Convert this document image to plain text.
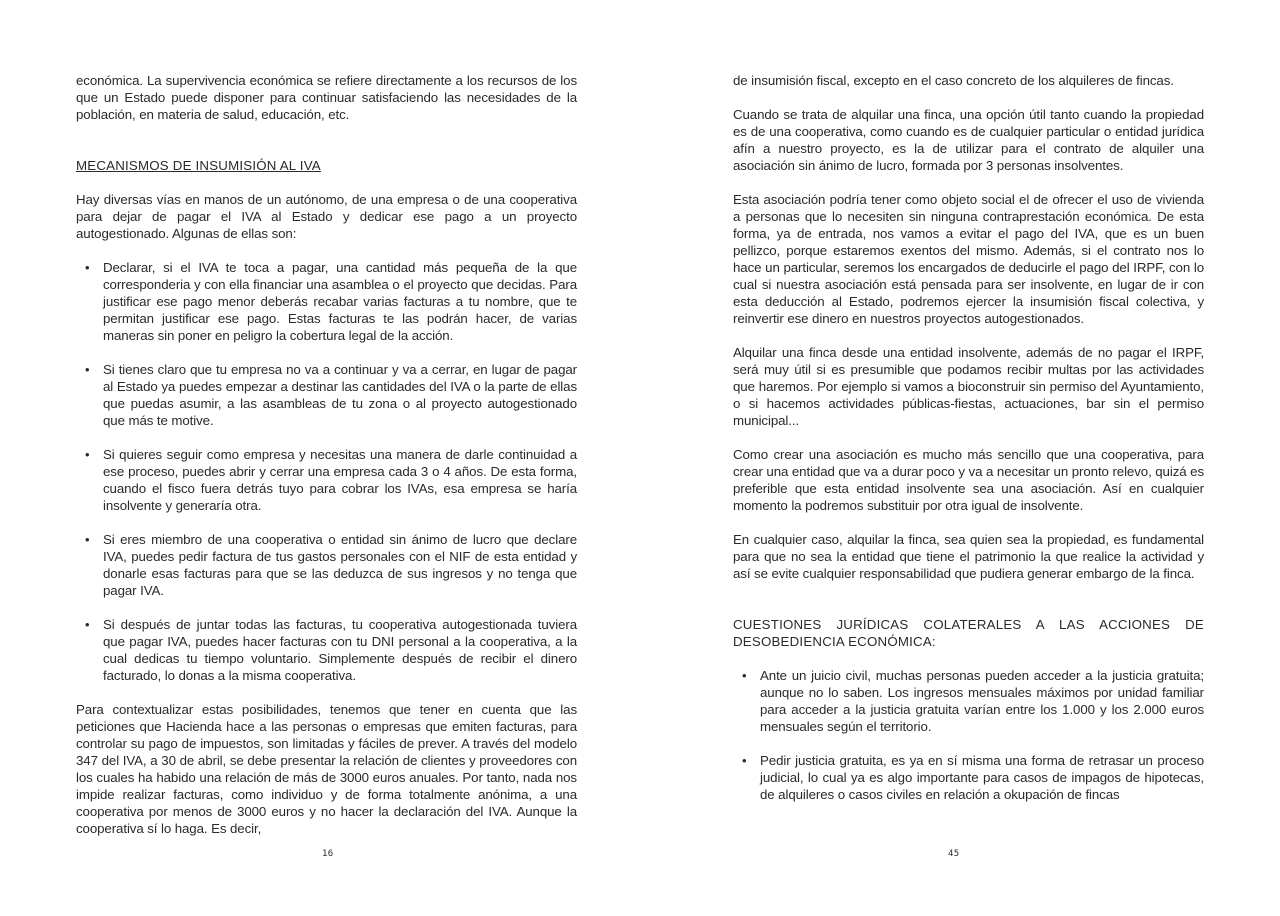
económica. La supervivencia económica se refiere directamente a los recursos de los que un Estado puede disponer para continuar satisfaciendo las necesidades de la población, en materia de salud, educación, etc.

MECANISMOS DE INSUMISIÓN AL IVA

Hay diversas vías en manos de un autónomo, de una empresa o de una cooperativa para dejar de pagar el IVA al Estado y dedicar ese pago a un proyecto autogestionado. Algunas de ellas son:

• Declarar, si el IVA te toca a pagar, una cantidad más pequeña de la que corresponderia y con ella financiar una asamblea o el proyecto que decidas. Para justificar ese pago menor deberás recabar varias facturas a tu nombre, que te permitan justificar ese pago. Estas facturas te las podrán hacer, de varias maneras sin poner en peligro la cobertura legal de la acción.
• Si tienes claro que tu empresa no va a continuar y va a cerrar, en lugar de pagar al Estado ya puedes empezar a destinar las cantidades del IVA o la parte de ellas que puedas asumir, a las asambleas de tu zona o al proyecto autogestionado que más te motive.
• Si quieres seguir como empresa y necesitas una manera de darle continuidad a ese proceso, puedes abrir y cerrar una empresa cada 3 o 4 años. De esta forma, cuando el fisco fuera detrás tuyo para cobrar los IVAs, esa empresa se haría insolvente y generaría otra.
• Si eres miembro de una cooperativa o entidad sin ánimo de lucro que declare IVA, puedes pedir factura de tus gastos personales con el NIF de esta entidad y donarle esas facturas para que se las deduzca de sus ingresos y no tenga que pagar IVA.
• Si después de juntar todas las facturas, tu cooperativa autogestionada tuviera que pagar IVA, puedes hacer facturas con tu DNI personal a la cooperativa, a la cual dedicas tu tiempo voluntario. Simplemente después de recibir el dinero facturado, lo donas a la misma cooperativa.

Para contextualizar estas posibilidades, tenemos que tener en cuenta que las peticiones que Hacienda hace a las personas o empresas que emiten facturas, para controlar su pago de impuestos, son limitadas y fáciles de prever. A través del modelo 347 del IVA, a 30 de abril, se debe presentar la relación de clientes y proveedores con los cuales ha habido una relación de más de 3000 euros anuales. Por tanto, nada nos impide realizar facturas, como individuo y de forma totalmente anónima, a una cooperativa por menos de 3000 euros y no hacer la declaración del IVA. Aunque la cooperativa sí lo haga. Es decir,

de insumisión fiscal, excepto en el caso concreto de los alquileres de fincas.

Cuando se trata de alquilar una finca, una opción útil tanto cuando la propiedad es de una cooperativa, como cuando es de cualquier particular o entidad jurídica afín a nuestro proyecto, es la de utilizar para el contrato de alquiler una asociación sin ánimo de lucro, formada por 3 personas insolventes.

Esta asociación podría tener como objeto social el de ofrecer el uso de vivienda a personas que lo necesiten sin ninguna contraprestación económica. De esta forma, ya de entrada, nos vamos a evitar el pago del IVA, que es un buen pellizco, porque estaremos exentos del mismo. Además, si el contrato nos lo hace un particular, seremos los encargados de deducirle el pago del IRPF, con lo cual si nuestra asociación está pensada para ser insolvente, en lugar de ir con esta deducción al Estado, podremos ejercer la insumisión fiscal colectiva, y reinvertir ese dinero en nuestros proyectos autogestionados.

Alquilar una finca desde una entidad insolvente, además de no pagar el IRPF, será muy útil si es presumible que podamos recibir multas por las actividades que haremos. Por ejemplo si vamos a bioconstruir sin permiso del Ayuntamiento, o si hacemos actividades públicas-fiestas, actuaciones, bar sin el permiso municipal...

Como crear una asociación es mucho más sencillo que una cooperativa, para crear una entidad que va a durar poco y va a necesitar un pronto relevo, quizá es preferible que esta entidad insolvente sea una asociación. Así en cualquier momento la podremos substituir por otra igual de insolvente.

En cualquier caso, alquilar la finca, sea quien sea la propiedad, es fundamental para que no sea la entidad que tiene el patrimonio la que realice la actividad y así se evite cualquier responsabilidad que pudiera generar embargo de la finca.

CUESTIONES JURÍDICAS COLATERALES A LAS ACCIONES DE DESOBEDIENCIA ECONÓMICA:
• Ante un juicio civil, muchas personas pueden acceder a la justicia gratuita; aunque no lo saben. Los ingresos mensuales máximos por unidad familiar para acceder a la justicia gratuita varían entre los 1.000 y los 2.000 euros mensuales según el territorio.
• Pedir justicia gratuita, es ya en sí misma una forma de retrasar un proceso judicial, lo cual ya es algo importante para casos de impagos de hipotecas, de alquileres o casos civiles en relación a okupación de fincas
16	45
